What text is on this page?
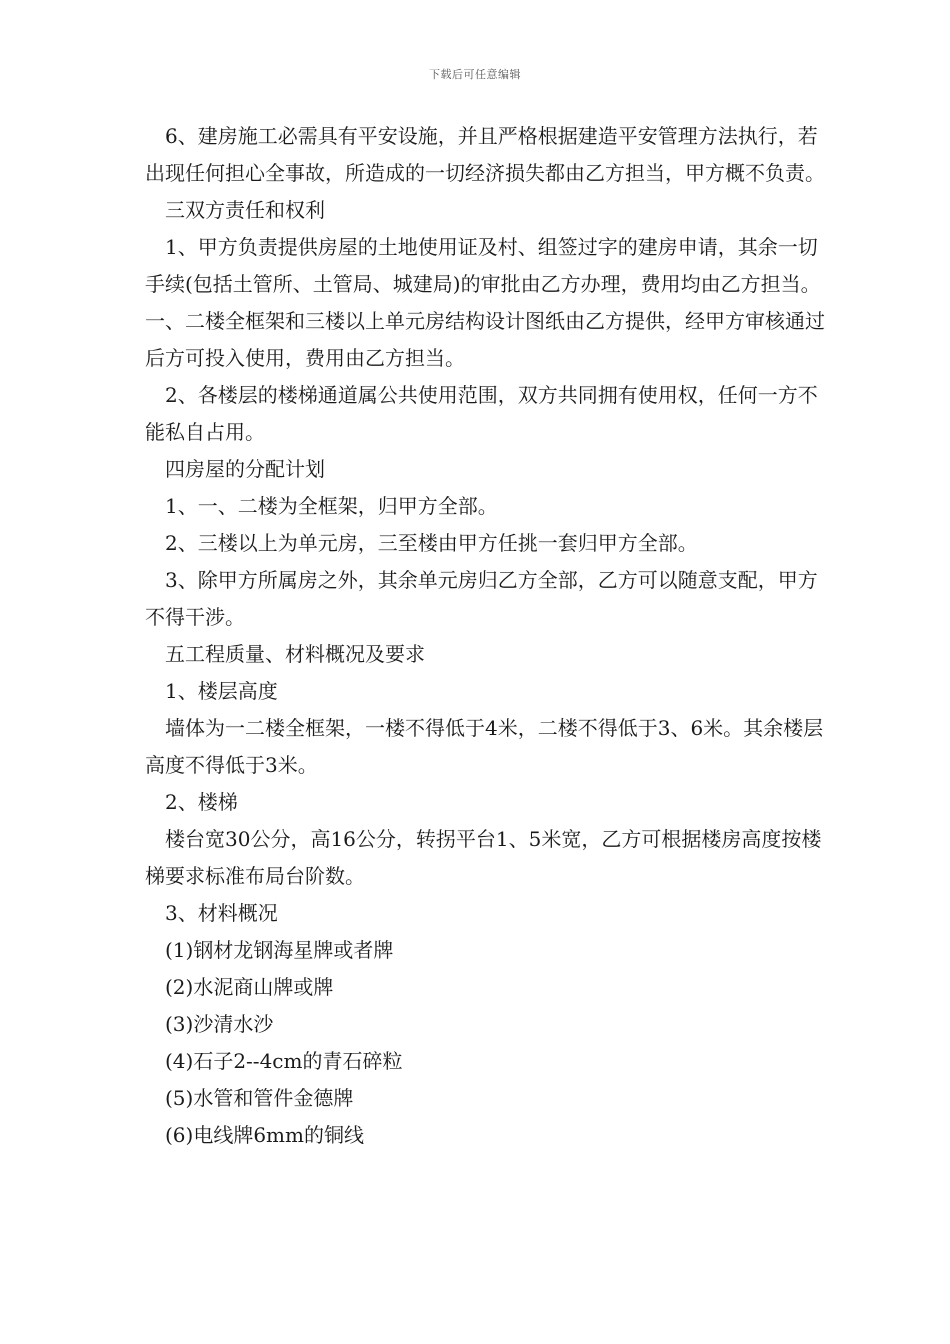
下载后可任意编辑

6、建房施工必需具有平安设施，并且严格根据建造平安管理方法执行，若出现任何担心全事故，所造成的一切经济损失都由乙方担当，甲方概不负责。

三双方责任和权利

1、甲方负责提供房屋的土地使用证及村、组签过字的建房申请，其余一切手续(包括土管所、土管局、城建局)的审批由乙方办理，费用均由乙方担当。一、二楼全框架和三楼以上单元房结构设计图纸由乙方提供，经甲方审核通过后方可投入使用，费用由乙方担当。

2、各楼层的楼梯通道属公共使用范围，双方共同拥有使用权，任何一方不能私自占用。

四房屋的分配计划

1、一、二楼为全框架，归甲方全部。

2、三楼以上为单元房，三至楼由甲方任挑一套归甲方全部。

3、除甲方所属房之外，其余单元房归乙方全部，乙方可以随意支配，甲方不得干涉。

五工程质量、材料概况及要求

1、楼层高度

墙体为一二楼全框架，一楼不得低于4米，二楼不得低于3、6米。其余楼层高度不得低于3米。

2、楼梯

楼台宽30公分，高16公分，转拐平台1、5米宽，乙方可根据楼房高度按楼梯要求标准布局台阶数。

3、材料概况

(1)钢材龙钢海星牌或者牌

(2)水泥商山牌或牌

(3)沙清水沙

(4)石子2--4cm的青石碎粒

(5)水管和管件金德牌

(6)电线牌6mm的铜线
